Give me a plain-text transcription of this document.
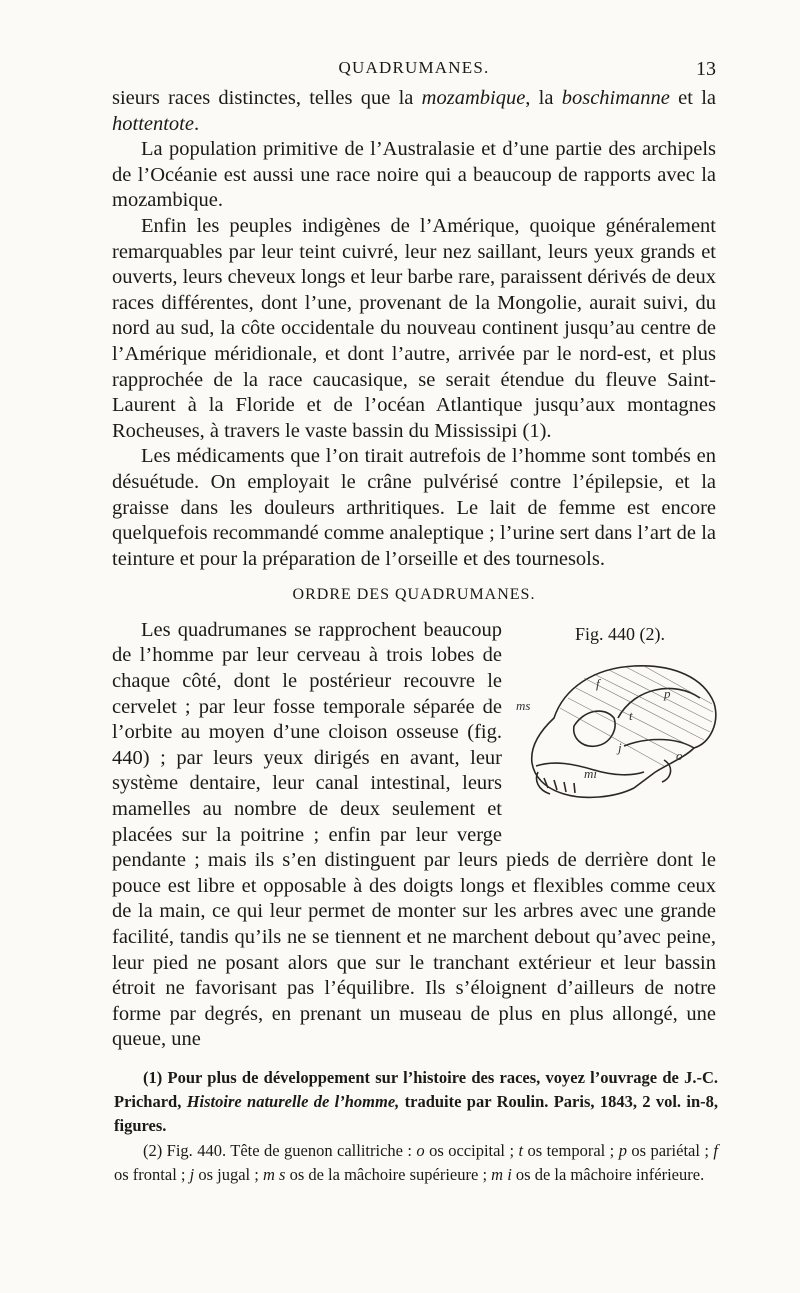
QUADRUMANES.	13

sieurs races distinctes, telles que la mozambique, la boschimanne et la hottentote.

La population primitive de l’Australasie et d’une partie des archipels de l’Océanie est aussi une race noire qui a beaucoup de rapports avec la mozambique.

Enfin les peuples indigènes de l’Amérique, quoique généralement remarquables par leur teint cuivré, leur nez saillant, leurs yeux grands et ouverts, leurs cheveux longs et leur barbe rare, paraissent dérivés de deux races différentes, dont l’une, provenant de la Mongolie, aurait suivi, du nord au sud, la côte occidentale du nouveau continent jusqu’au centre de l’Amérique méridionale, et dont l’autre, arrivée par le nord-est, et plus rapprochée de la race caucasique, se serait étendue du fleuve Saint-Laurent à la Floride et de l’océan Atlantique jusqu’aux montagnes Rocheuses, à travers le vaste bassin du Mississipi (1).

Les médicaments que l’on tirait autrefois de l’homme sont tombés en désuétude. On employait le crâne pulvérisé contre l’épilepsie, et la graisse dans les douleurs arthritiques. Le lait de femme est encore quelquefois recommandé comme analeptique ; l’urine sert dans l’art de la teinture et pour la préparation de l’orseille et des tournesols.

ORDRE DES QUADRUMANES.

Fig. 440 (2).
ms
p
f
t
o
j
mi
Les quadrumanes se rapprochent beaucoup de l’homme par leur cerveau à trois lobes de chaque côté, dont le postérieur recouvre le cervelet ; par leur fosse temporale séparée de l’orbite au moyen d’une cloison osseuse (fig. 440) ; par leurs yeux dirigés en avant, leur système dentaire, leur canal intestinal, leurs mamelles au nombre de deux seulement et placées sur la poitrine ; enfin par leur verge pendante ; mais ils s’en distinguent par leurs pieds de derrière dont le pouce est libre et opposable à des doigts longs et flexibles comme ceux de la main, ce qui leur permet de monter sur les arbres avec une grande facilité, tandis qu’ils ne se tiennent et ne marchent debout qu’avec peine, leur pied ne posant alors que sur le tranchant extérieur et leur bassin étroit ne favorisant pas l’équilibre. Ils s’éloignent d’ailleurs de notre forme par degrés, en prenant un museau de plus en plus allongé, une queue, une

(1) Pour plus de développement sur l’histoire des races, voyez l’ouvrage de J.-C. Prichard, Histoire naturelle de l’homme, traduite par Roulin. Paris, 1843, 2 vol. in-8, figures.

(2) Fig. 440. Tête de guenon callitriche : o os occipital ; t os temporal ; p os pariétal ; f os frontal ; j os jugal ; m s os de la mâchoire supérieure ; m i os de la mâchoire inférieure.
